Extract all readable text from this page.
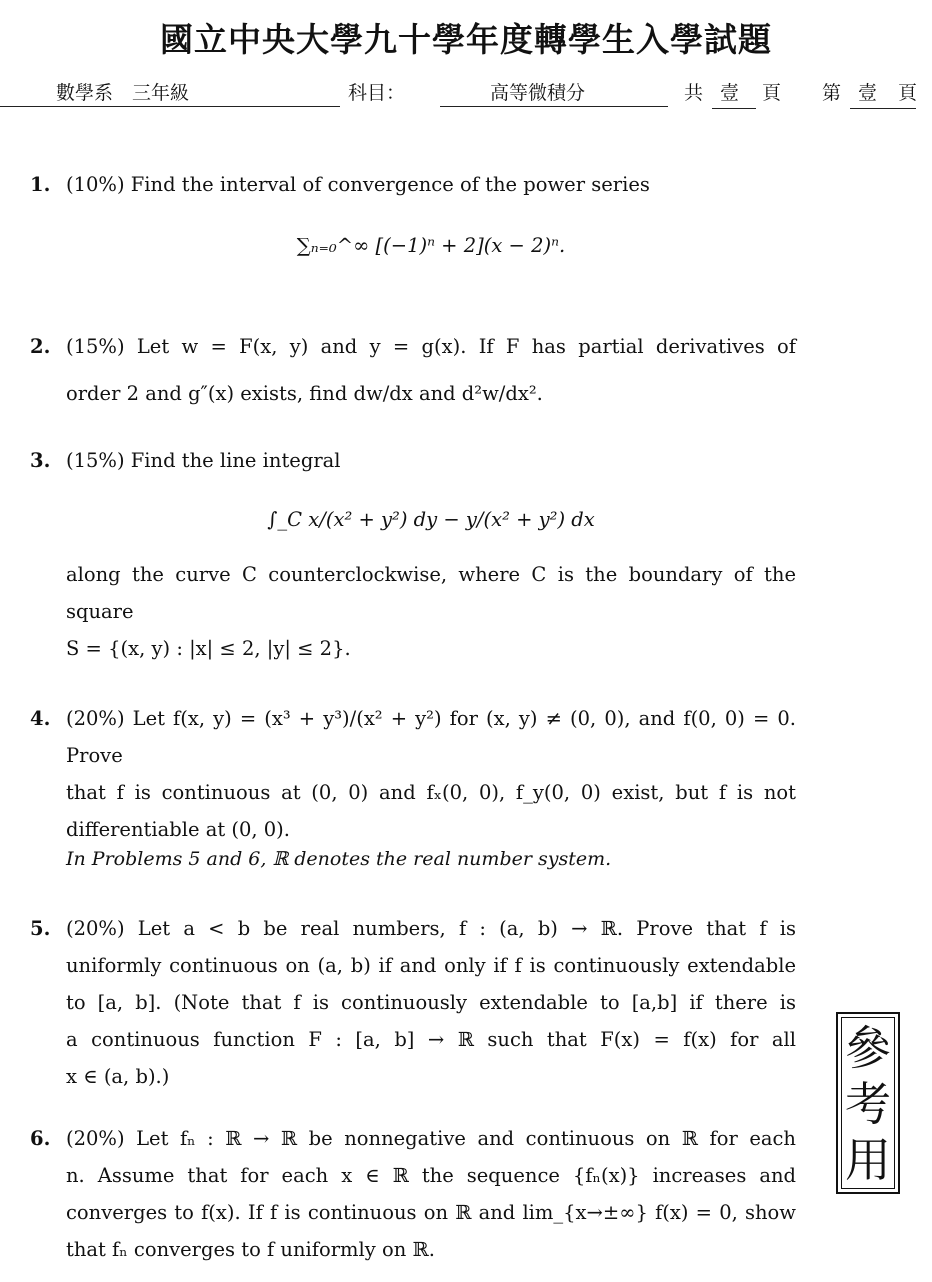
國立中央大學九十學年度轉學生入學試題
數學系　三年級	科目：	高等微積分	共 壹 頁 第 壹 頁
1. (10%) Find the interval of convergence of the power series
∑ₙ₌₀^∞ [(−1)ⁿ + 2](x − 2)ⁿ.
2. (15%) Let w = F(x, y) and y = g(x). If F has partial derivatives of
order 2 and g″(x) exists, find dw/dx and d²w/dx².
3. (15%) Find the line integral
∫_C x/(x² + y²) dy − y/(x² + y²) dx
along the curve C counterclockwise, where C is the boundary of the
square
S = {(x, y) : |x| ≤ 2, |y| ≤ 2}.
4. (20%) Let f(x, y) = (x³ + y³)/(x² + y²) for (x, y) ≠ (0, 0), and f(0, 0) = 0. Prove
that f is continuous at (0, 0) and fₓ(0, 0), f_y(0, 0) exist, but f is not
differentiable at (0, 0).
In Problems 5 and 6, ℝ denotes the real number system.
5. (20%) Let a < b be real numbers, f : (a, b) → ℝ. Prove that f is
uniformly continuous on (a, b) if and only if f is continuously extendable
to [a, b]. (Note that f is continuously extendable to [a,b] if there is
a continuous function F : [a, b] → ℝ such that F(x) = f(x) for all
x ∈ (a, b).)
6. (20%) Let fₙ : ℝ → ℝ be nonnegative and continuous on ℝ for each
n. Assume that for each x ∈ ℝ the sequence {fₙ(x)} increases and
converges to f(x). If f is continuous on ℝ and lim_{x→±∞} f(x) = 0, show
that fₙ converges to f uniformly on ℝ.
參
考
用
